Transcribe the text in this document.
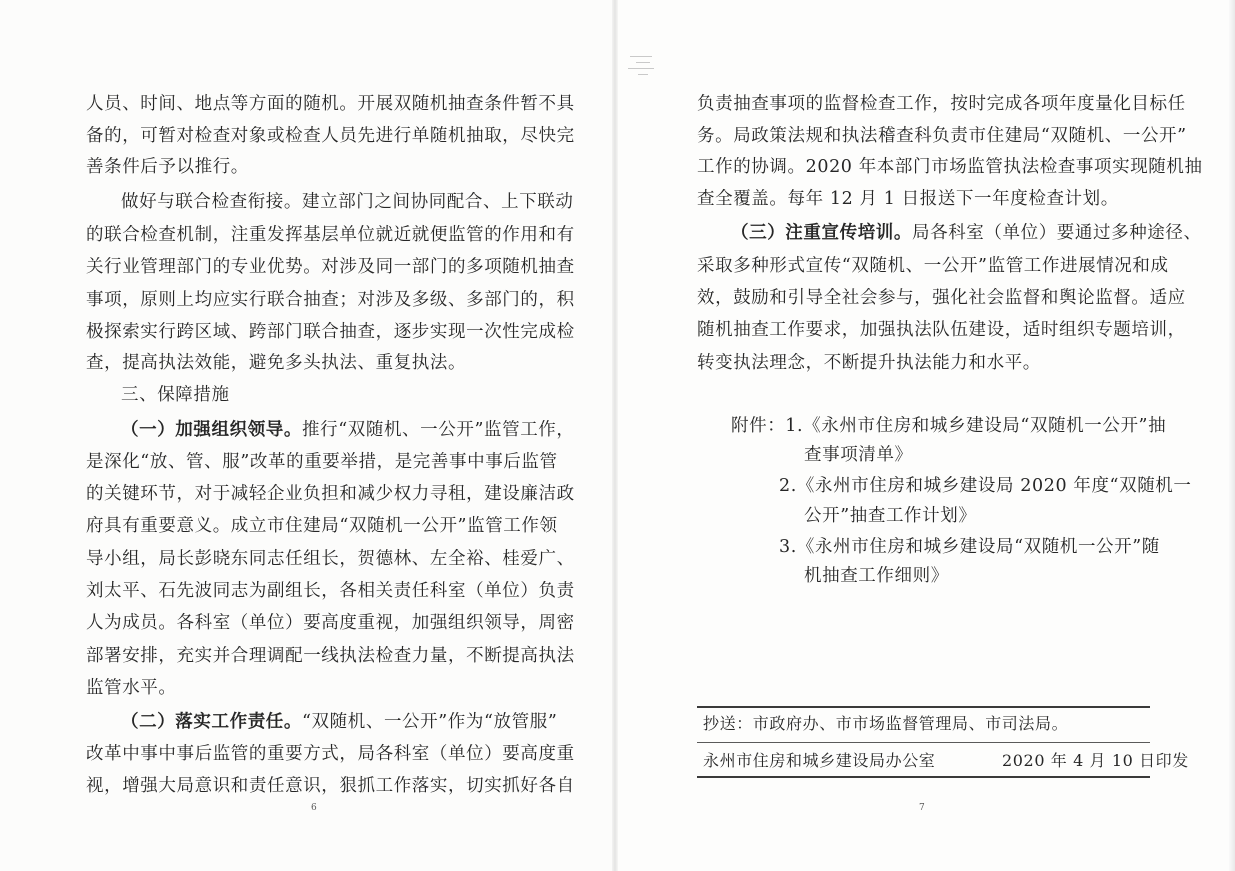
人员、时间、地点等方面的随机。开展双随机抽查条件暂不具
备的，可暂对检查对象或检查人员先进行单随机抽取，尽快完
善条件后予以推行。
做好与联合检查衔接。建立部门之间协同配合、上下联动
的联合检查机制，注重发挥基层单位就近就便监管的作用和有
关行业管理部门的专业优势。对涉及同一部门的多项随机抽查
事项，原则上均应实行联合抽查；对涉及多级、多部门的，积
极探索实行跨区域、跨部门联合抽查，逐步实现一次性完成检
查，提高执法效能，避免多头执法、重复执法。
三、保障措施
（一）加强组织领导。推行“双随机、一公开”监管工作，
是深化“放、管、服”改革的重要举措，是完善事中事后监管
的关键环节，对于减轻企业负担和减少权力寻租，建设廉洁政
府具有重要意义。成立市住建局“双随机一公开”监管工作领
导小组，局长彭晓东同志任组长，贺德林、左全裕、桂爱广、
刘太平、石先波同志为副组长，各相关责任科室（单位）负责
人为成员。各科室（单位）要高度重视，加强组织领导，周密
部署安排，充实并合理调配一线执法检查力量，不断提高执法
监管水平。
（二）落实工作责任。“双随机、一公开”作为“放管服”
改革中事中事后监管的重要方式，局各科室（单位）要高度重
视，增强大局意识和责任意识，狠抓工作落实，切实抓好各自
6
负责抽查事项的监督检查工作，按时完成各项年度量化目标任
务。局政策法规和执法稽查科负责市住建局“双随机、一公开”
工作的协调。2020 年本部门市场监管执法检查事项实现随机抽
查全覆盖。每年 12 月 1 日报送下一年度检查计划。
（三）注重宣传培训。局各科室（单位）要通过多种途径、
采取多种形式宣传“双随机、一公开”监管工作进展情况和成
效，鼓励和引导全社会参与，强化社会监督和舆论监督。适应
随机抽查工作要求，加强执法队伍建设，适时组织专题培训，
转变执法理念，不断提升执法能力和水平。
附件：1.《永州市住房和城乡建设局“双随机一公开”抽
查事项清单》
2.《永州市住房和城乡建设局 2020 年度“双随机一
公开”抽查工作计划》
3.《永州市住房和城乡建设局“双随机一公开”随
机抽查工作细则》
抄送：市政府办、市市场监督管理局、市司法局。
永州市住房和城乡建设局办公室	2020 年 4 月 10 日印发
7
